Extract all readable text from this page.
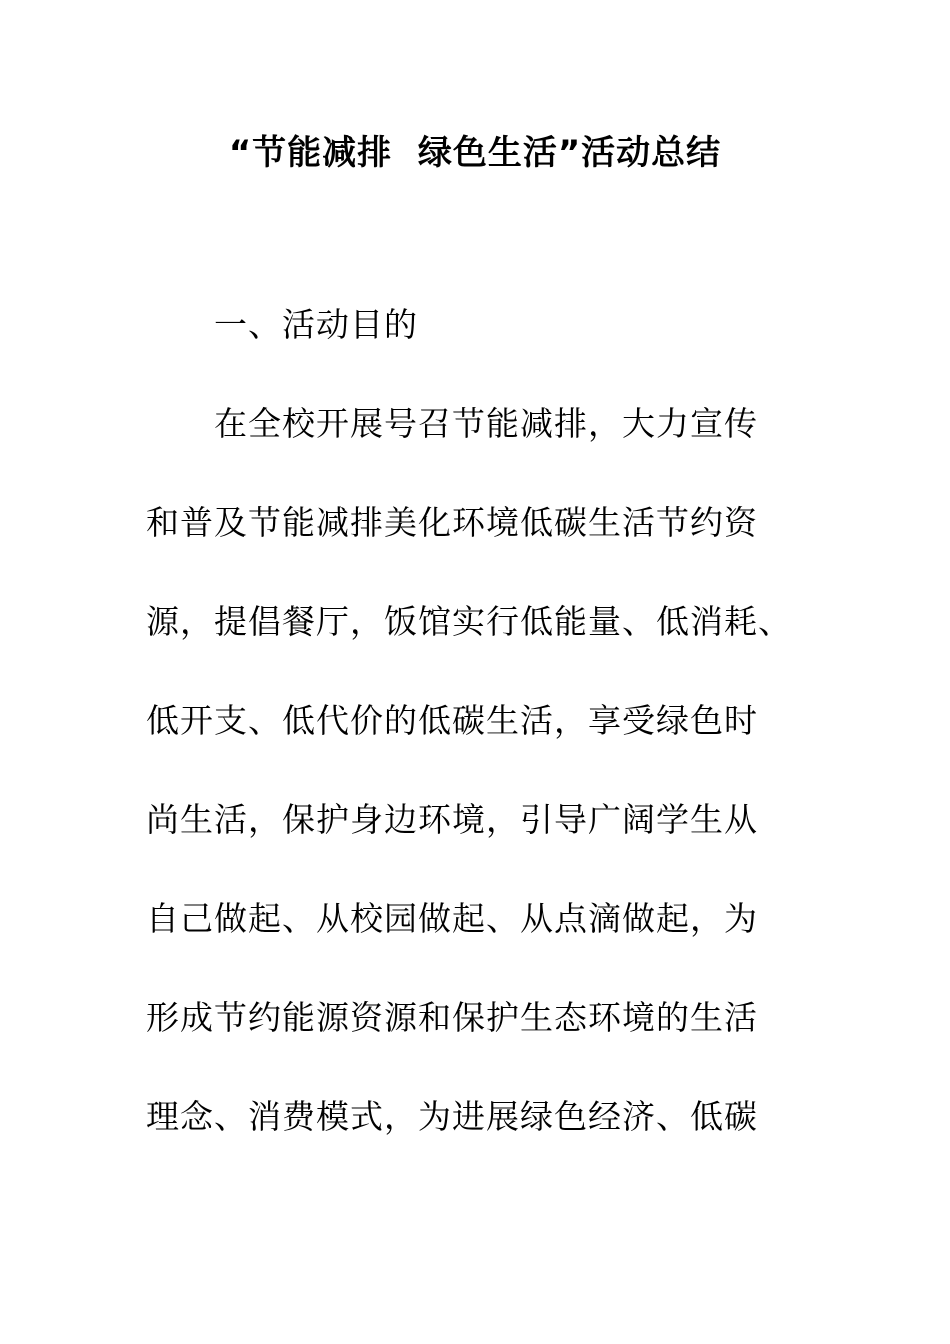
“节能减排  绿色生活”活动总结
一、活动目的
在全校开展号召节能减排，大力宣传
和普及节能减排美化环境低碳生活节约资
源，提倡餐厅，饭馆实行低能量、低消耗、
低开支、低代价的低碳生活，享受绿色时
尚生活，保护身边环境，引导广阔学生从
自己做起、从校园做起、从点滴做起，为
形成节约能源资源和保护生态环境的生活
理念、消费模式，为进展绿色经济、低碳
